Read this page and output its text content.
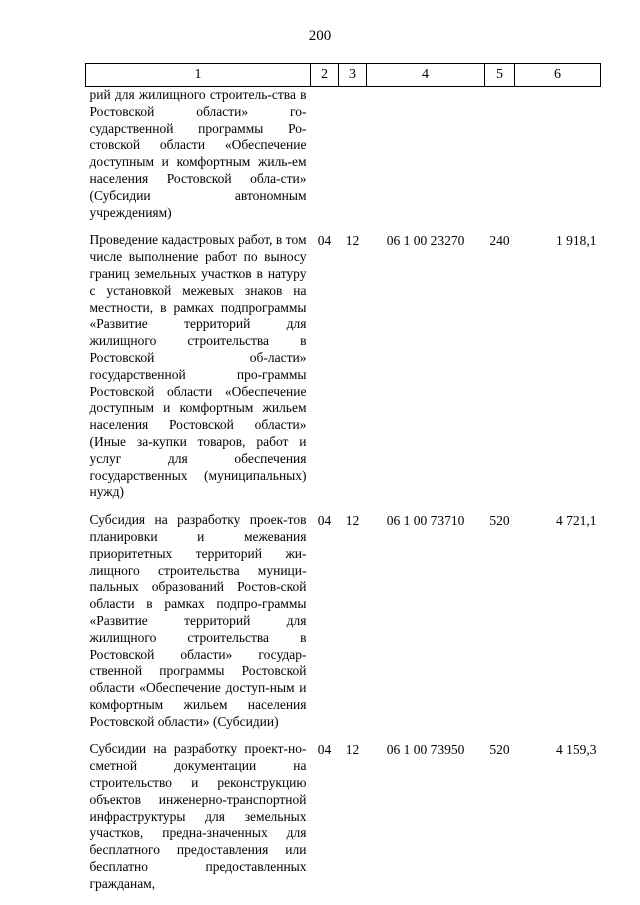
200
1	2	3	4	5	6
рий для жилищного строитель-ства в Ростовской области» го-сударственной программы Ро-стовской области «Обеспечение доступным и комфортным жиль-ем населения Ростовской обла-сти» (Субсидии автономным учреждениям)					
Проведение кадастровых работ, в том числе выполнение работ по выносу границ земельных участков в натуру с установкой межевых знаков на местности, в рамках подпрограммы «Развитие территорий для жилищного строительства в Ростовской об-ласти» государственной про-граммы Ростовской области «Обеспечение доступным и комфортным жильем населения Ростовской области» (Иные за-купки товаров, работ и услуг для обеспечения государственных (муниципальных) нужд)	04	12	06 1 00 23270	240	1 918,1
Субсидия на разработку проек-тов планировки и межевания приоритетных территорий жи-лищного строительства муници-пальных образований Ростов-ской области в рамках подпро-граммы «Развитие территорий для жилищного строительства в Ростовской области» государ-ственной программы Ростовской области «Обеспечение доступ-ным и комфортным жильем населения Ростовской области» (Субсидии)	04	12	06 1 00 73710	520	4 721,1
Субсидии на разработку проект-но-сметной документации на строительство и реконструкцию объектов инженерно-транспортной инфраструктуры для земельных участков, предна-значенных для бесплатного предоставления или бесплатно предоставленных гражданам,	04	12	06 1 00 73950	520	4 159,3
